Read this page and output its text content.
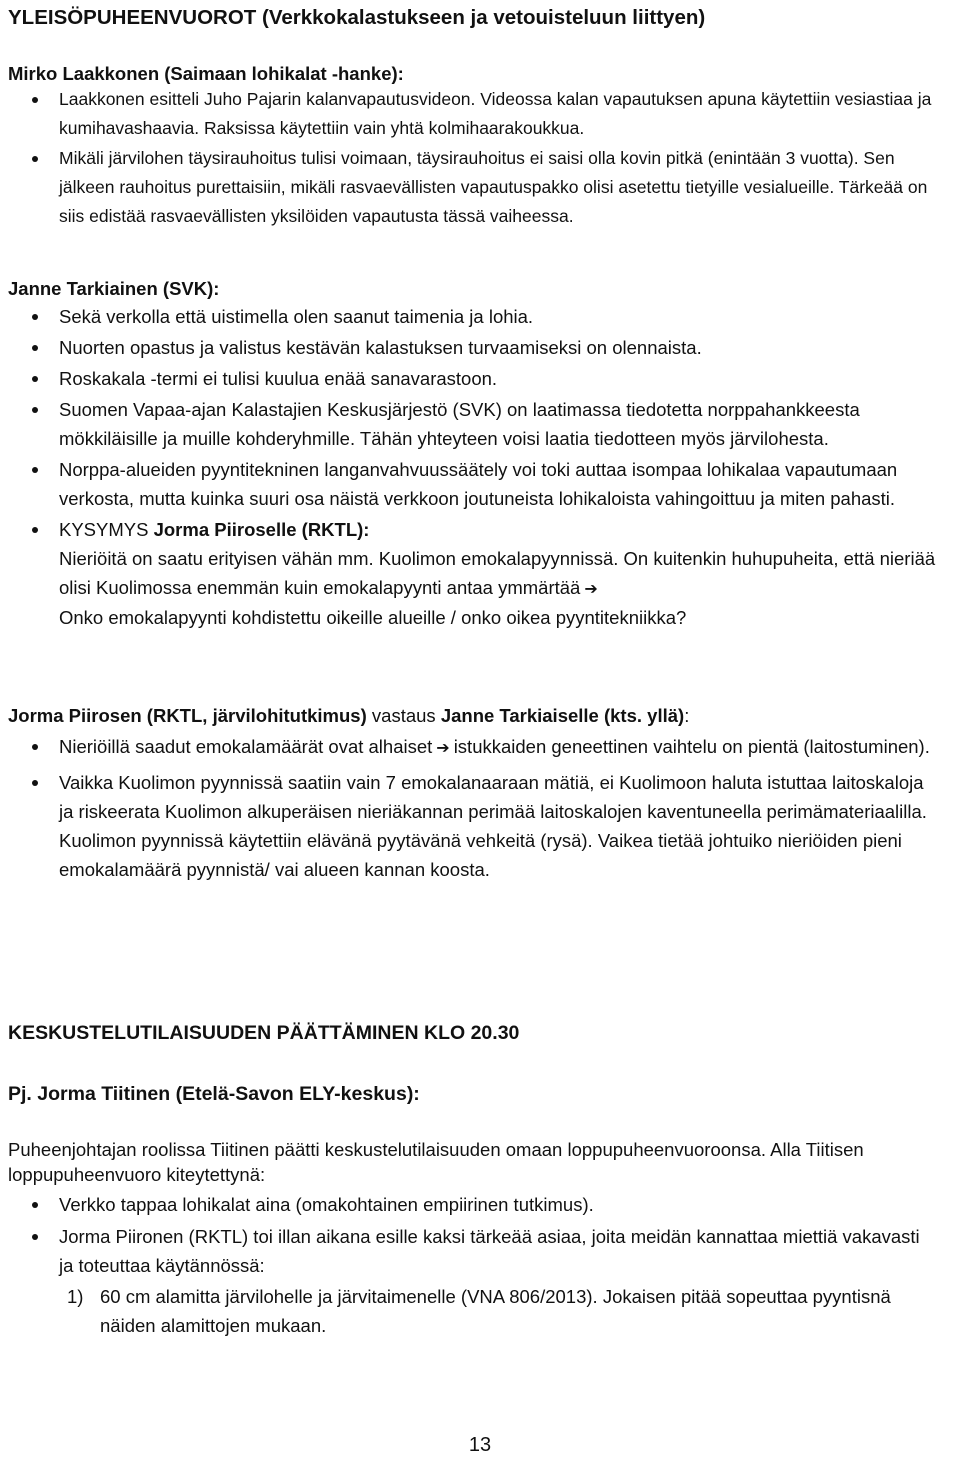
YLEISÖPUHEENVUOROT (Verkkokalastukseen ja vetouisteluun liittyen)
Mirko Laakkonen (Saimaan lohikalat -hanke):
Laakkonen esitteli Juho Pajarin kalanvapautusvideon. Videossa kalan vapautuksen apuna käytettiin vesiastiaa ja kumihavashaavia. Raksissa käytettiin vain yhtä kolmihaarakoukkua.
Mikäli järvilohen täysirauhoitus tulisi voimaan, täysirauhoitus ei saisi olla kovin pitkä (enintään 3 vuotta). Sen jälkeen rauhoitus purettaisiin, mikäli rasvaevällisten vapautuspakko olisi asetettu tietyille vesialueille. Tärkeää on siis edistää rasvaevällisten yksilöiden vapautusta tässä vaiheessa.
Janne Tarkiainen (SVK):
Sekä verkolla että uistimella olen saanut taimenia ja lohia.
Nuorten opastus ja valistus kestävän kalastuksen turvaamiseksi on olennaista.
Roskakala -termi ei tulisi kuulua enää sanavarastoon.
Suomen Vapaa-ajan Kalastajien Keskusjärjestö (SVK) on laatimassa tiedotetta norppahankkeesta mökkiläisille ja muille kohderyhmille. Tähän yhteyteen voisi laatia tiedotteen myös järvilohesta.
Norppa-alueiden pyyntitekninen langanvahvuussäätely voi toki auttaa isompaa lohikalaa vapautumaan verkosta, mutta kuinka suuri osa näistä verkkoon joutuneista lohikaloista vahingoittuu ja miten pahasti.
KYSYMYS Jorma Piiroselle (RKTL):
Nieriöitä on saatu erityisen vähän mm. Kuolimon emokalapyynnissä. On kuitenkin huhupuheita, että nieriää olisi Kuolimossa enemmän kuin emokalapyynti antaa ymmärtää ➔
Onko emokalapyynti kohdistettu oikeille alueille / onko oikea pyyntitekniikka?
Jorma Piirosen (RKTL, järvilohitutkimus) vastaus Janne Tarkiaiselle (kts. yllä):
Nieriöillä saadut emokalamäärät ovat alhaiset ➔ istukkaiden geneettinen vaihtelu on pientä (laitostuminen).
Vaikka Kuolimon pyynnissä saatiin vain 7 emokalanaaraan mätiä, ei Kuolimoon haluta istuttaa laitoskaloja ja riskeerata Kuolimon alkuperäisen nieriäkannan perimää laitoskalojen kaventuneella perimämateriaalilla. Kuolimon pyynnissä käytettiin elävänä pyytävänä vehkeitä (rysä). Vaikea tietää johtuiko nieriöiden pieni emokalamäärä pyynnistä/ vai alueen kannan koosta.
KESKUSTELUTILAISUUDEN PÄÄTTÄMINEN KLO 20.30
Pj. Jorma Tiitinen (Etelä-Savon ELY-keskus):
Puheenjohtajan roolissa Tiitinen päätti keskustelutilaisuuden omaan loppupuheenvuoroonsa. Alla Tiitisen loppupuheenvuoro kiteytettynä:
Verkko tappaa lohikalat aina (omakohtainen empiirinen tutkimus).
Jorma Piironen (RKTL) toi illan aikana esille kaksi tärkeää asiaa, joita meidän kannattaa miettiä vakavasti ja toteuttaa käytännössä:
1) 60 cm alamitta järvilohelle ja järvitaimenelle (VNA 806/2013). Jokaisen pitää sopeuttaa pyyntisnä näiden alamittojen mukaan.
13
